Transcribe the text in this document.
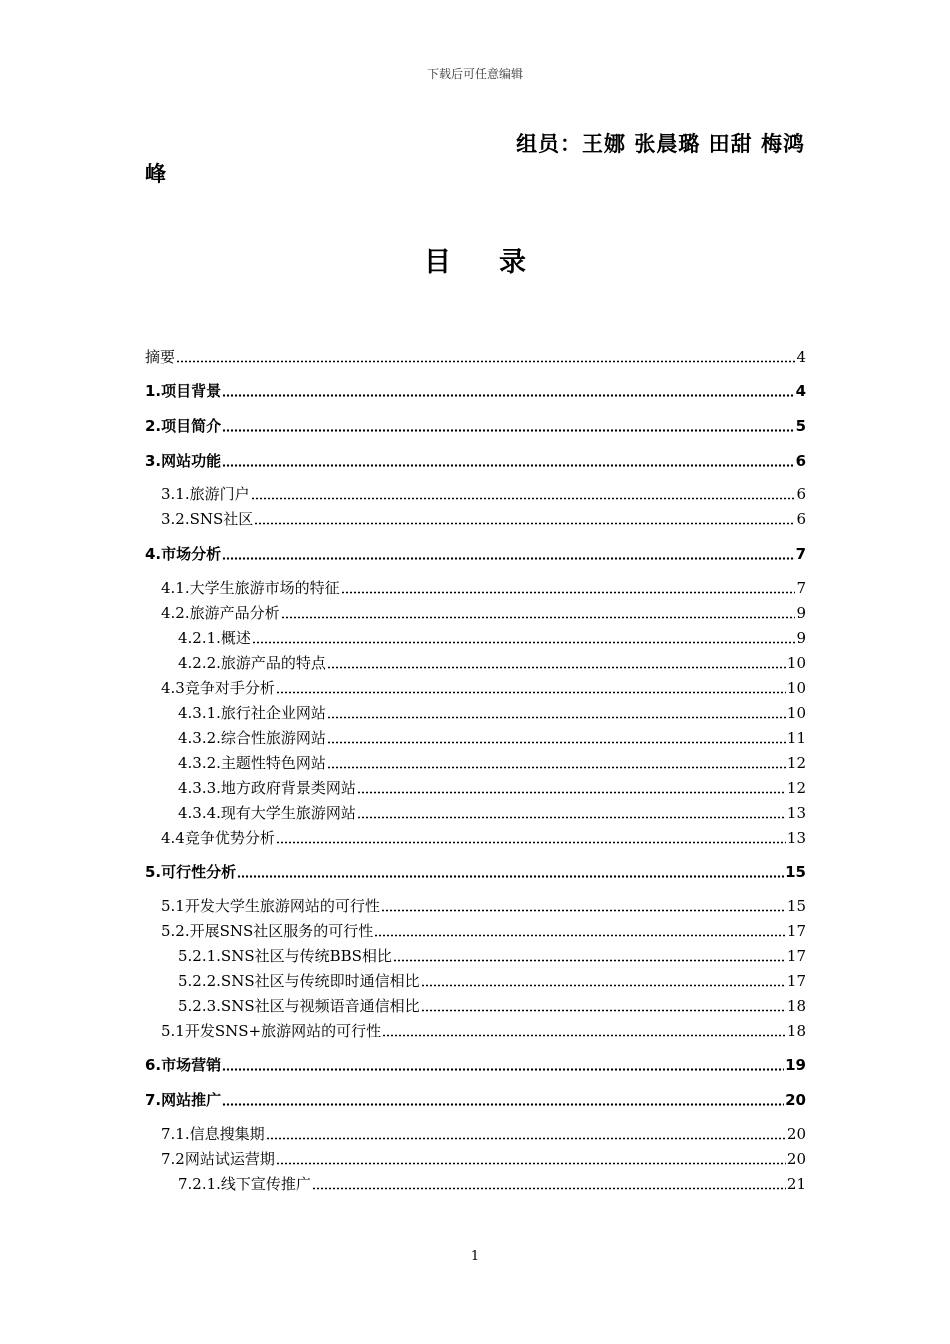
下载后可任意编辑
组员：王娜 张晨璐 田甜 梅鸿
峰
目录
摘要	4
1.项目背景	4
2.项目简介	5
3.网站功能	6
3.1.旅游门户	6
3.2.SNS社区	6
4.市场分析	7
4.1.大学生旅游市场的特征	7
4.2.旅游产品分析	9
4.2.1.概述	9
4.2.2.旅游产品的特点	10
4.3竞争对手分析	10
4.3.1.旅行社企业网站	10
4.3.2.综合性旅游网站	11
4.3.2.主题性特色网站	12
4.3.3.地方政府背景类网站	12
4.3.4.现有大学生旅游网站	13
4.4竞争优势分析	13
5.可行性分析	15
5.1开发大学生旅游网站的可行性	15
5.2.开展SNS社区服务的可行性	17
5.2.1.SNS社区与传统BBS相比	17
5.2.2.SNS社区与传统即时通信相比	17
5.2.3.SNS社区与视频语音通信相比	18
5.1开发SNS+旅游网站的可行性	18
6.市场营销	19
7.网站推广	20
7.1.信息搜集期	20
7.2网站试运营期	20
7.2.1.线下宣传推广	21
1
